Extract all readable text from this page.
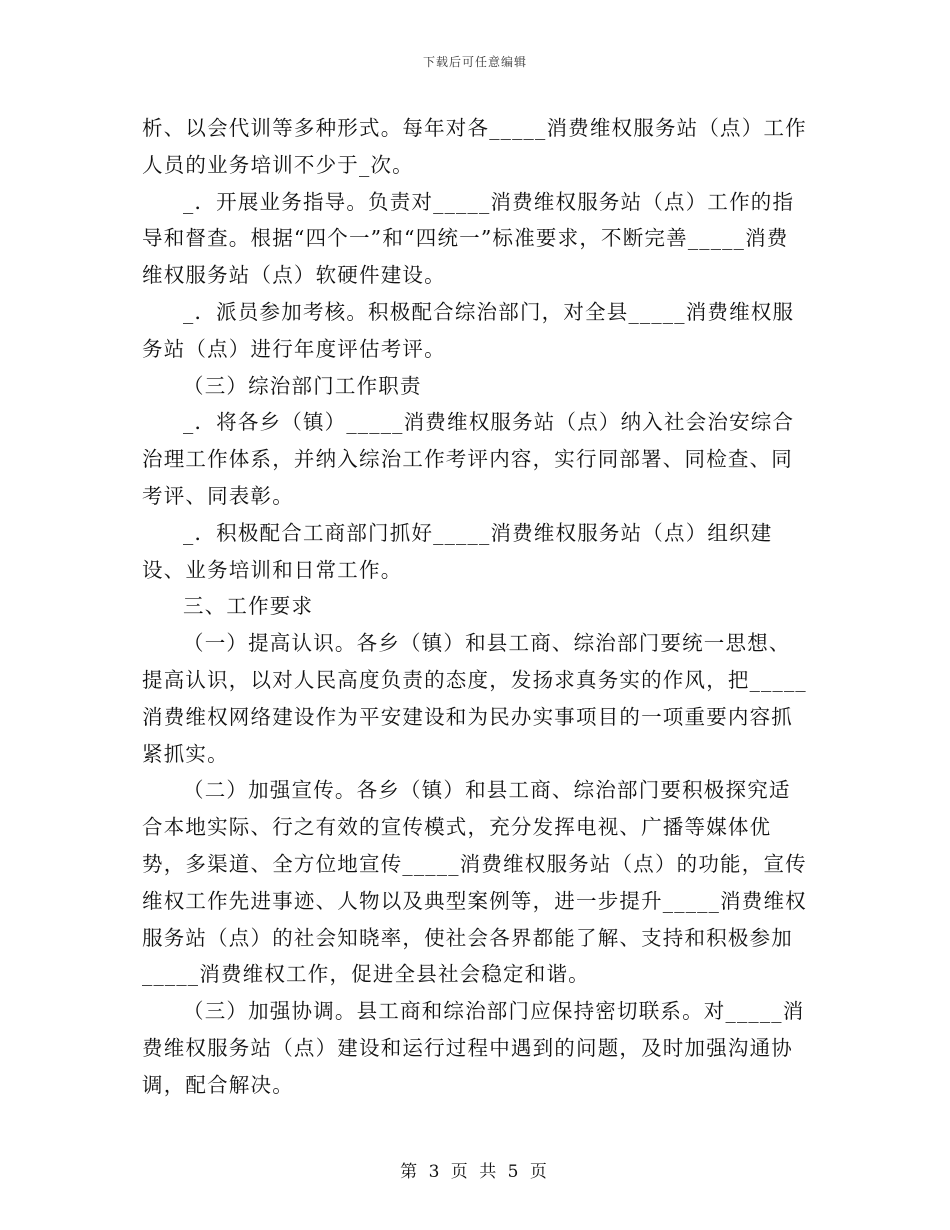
下载后可任意编辑

析、以会代训等多种形式。每年对各_____消费维权服务站（点）工作人员的业务培训不少于_次。

_．开展业务指导。负责对_____消费维权服务站（点）工作的指导和督查。根据“四个一”和“四统一”标准要求，不断完善_____消费维权服务站（点）软硬件建设。

_．派员参加考核。积极配合综治部门，对全县_____消费维权服务站（点）进行年度评估考评。

（三）综治部门工作职责

_．将各乡（镇）_____消费维权服务站（点）纳入社会治安综合治理工作体系，并纳入综治工作考评内容，实行同部署、同检查、同考评、同表彰。

_．积极配合工商部门抓好_____消费维权服务站（点）组织建设、业务培训和日常工作。

三、工作要求

（一）提高认识。各乡（镇）和县工商、综治部门要统一思想、提高认识，以对人民高度负责的态度，发扬求真务实的作风，把_____消费维权网络建设作为平安建设和为民办实事项目的一项重要内容抓紧抓实。

（二）加强宣传。各乡（镇）和县工商、综治部门要积极探究适合本地实际、行之有效的宣传模式，充分发挥电视、广播等媒体优势，多渠道、全方位地宣传_____消费维权服务站（点）的功能，宣传维权工作先进事迹、人物以及典型案例等，进一步提升_____消费维权服务站（点）的社会知晓率，使社会各界都能了解、支持和积极参加_____消费维权工作，促进全县社会稳定和谐。

（三）加强协调。县工商和综治部门应保持密切联系。对_____消费维权服务站（点）建设和运行过程中遇到的问题，及时加强沟通协调，配合解决。

第 3 页 共 5 页
